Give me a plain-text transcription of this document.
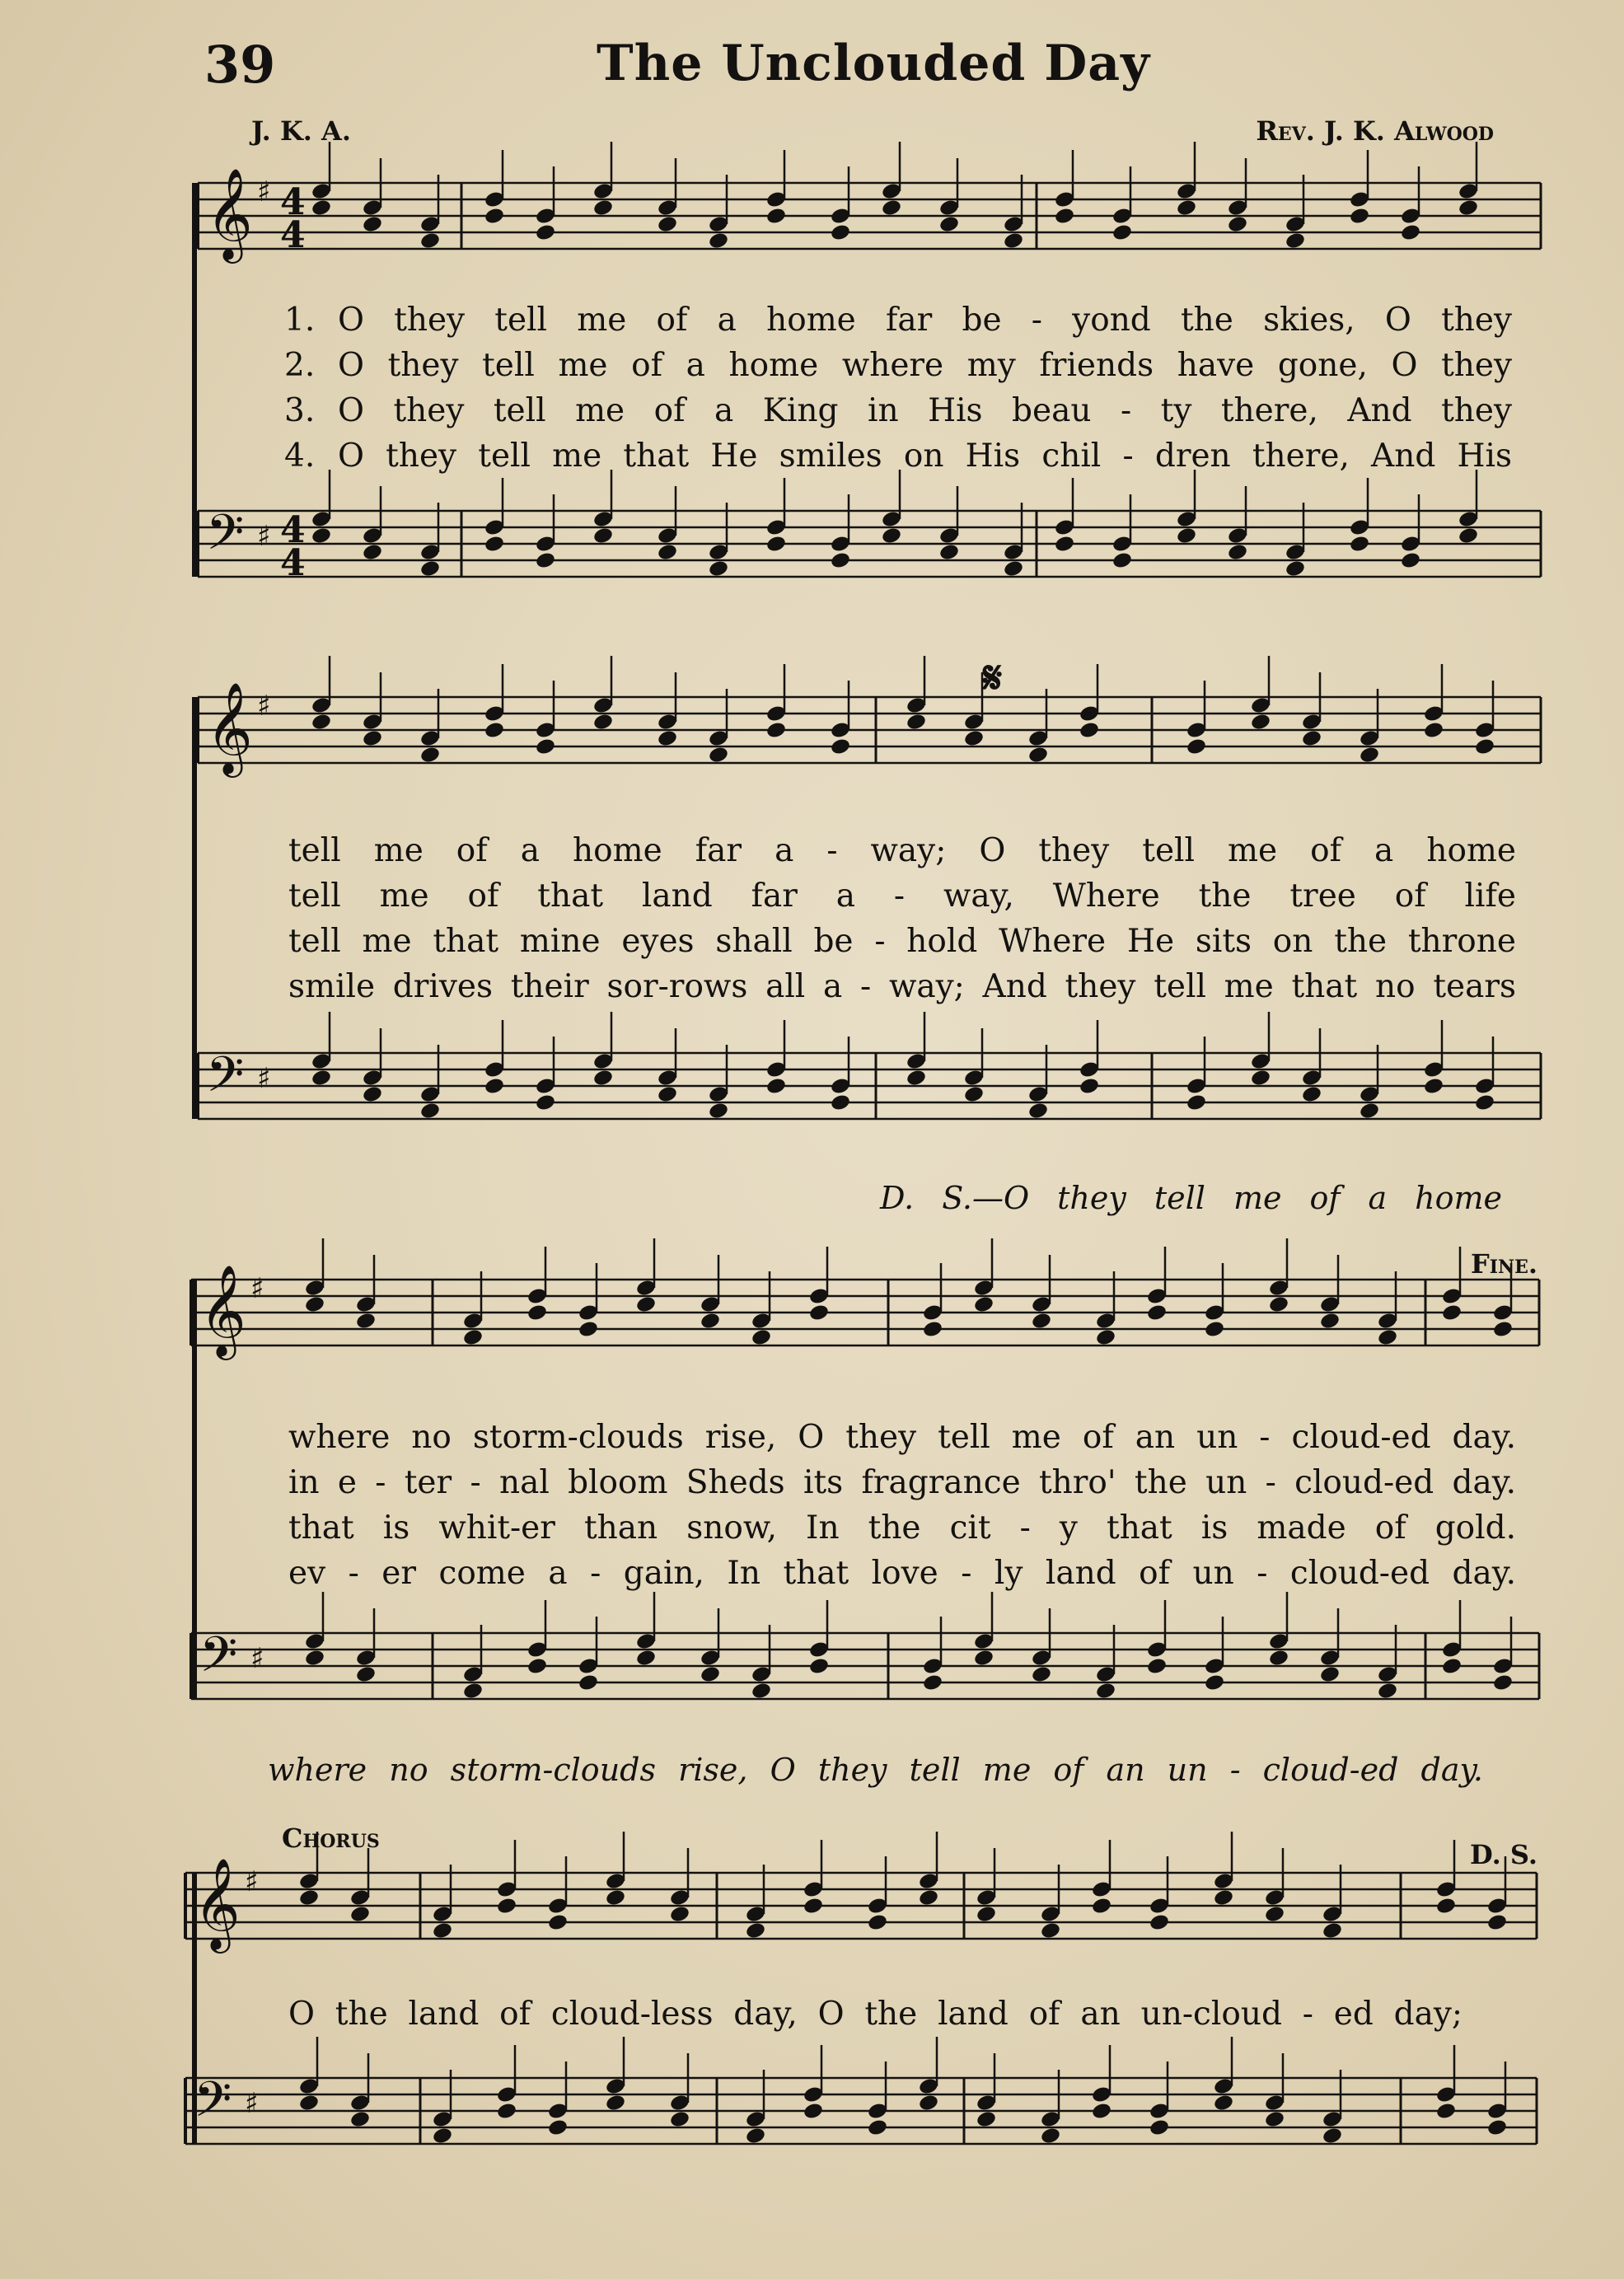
39	The Unclouded Day
J. K. A.	Rev. J. K. Alwood
𝄞 ♯
𝄢 ♯
𝄞 ♯
𝄢 ♯
𝄞 ♯
𝄢 ♯
𝄞 ♯
𝄢 ♯
4
4
4
4
1.
2.
3.
4.
O they tell me of a home far be - yond the skies, O they
O they tell me of a home where my friends have gone, O they
O they tell me of a King in His beau - ty there, And they
O they tell me that He smiles on His chil - dren there, And His
tell me of a home far a - way; O they tell me of a home
tell me of that land far a - way, Where the tree of life
tell me that mine eyes shall be - hold Where He sits on the throne
smile drives their sor-rows all a - way; And they tell me that no tears
D. S.—O they tell me of a home
where no storm-clouds rise, O they tell me of an un - cloud-ed day.
in e - ter - nal bloom Sheds its fragrance thro' the un - cloud-ed day.
that is whit-er than snow, In the cit - y that is made of gold.
ev - er come a - gain, In that love - ly land of un - cloud-ed day.
where no storm-clouds rise, O they tell me of an un - cloud-ed day.
Chorus
D. S.
Fine.
𝄋
O the land of cloud-less day, O the land of an un-cloud - ed day;
